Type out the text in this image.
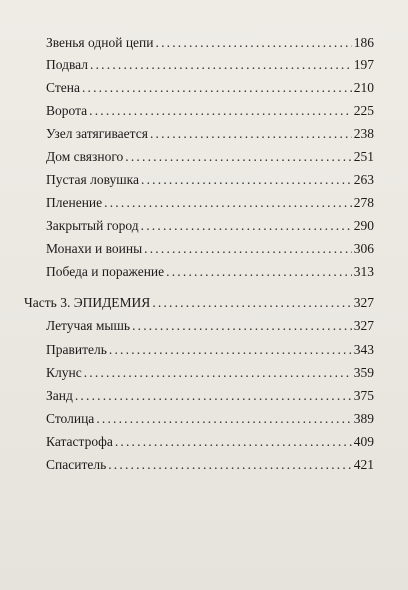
Звенья одной цепи .....	186
Подвал .....	197
Стена .....	210
Ворота .....	225
Узел затягивается .....	238
Дом связного .....	251
Пустая ловушка .....	263
Пленение .....	278
Закрытый город .....	290
Монахи и воины .....	306
Победа и поражение .....	313
Часть 3. ЭПИДЕМИЯ .....	327
Летучая мышь .....	327
Правитель .....	343
Клунс .....	359
Занд .....	375
Столица .....	389
Катастрофа .....	409
Спаситель .....	421
